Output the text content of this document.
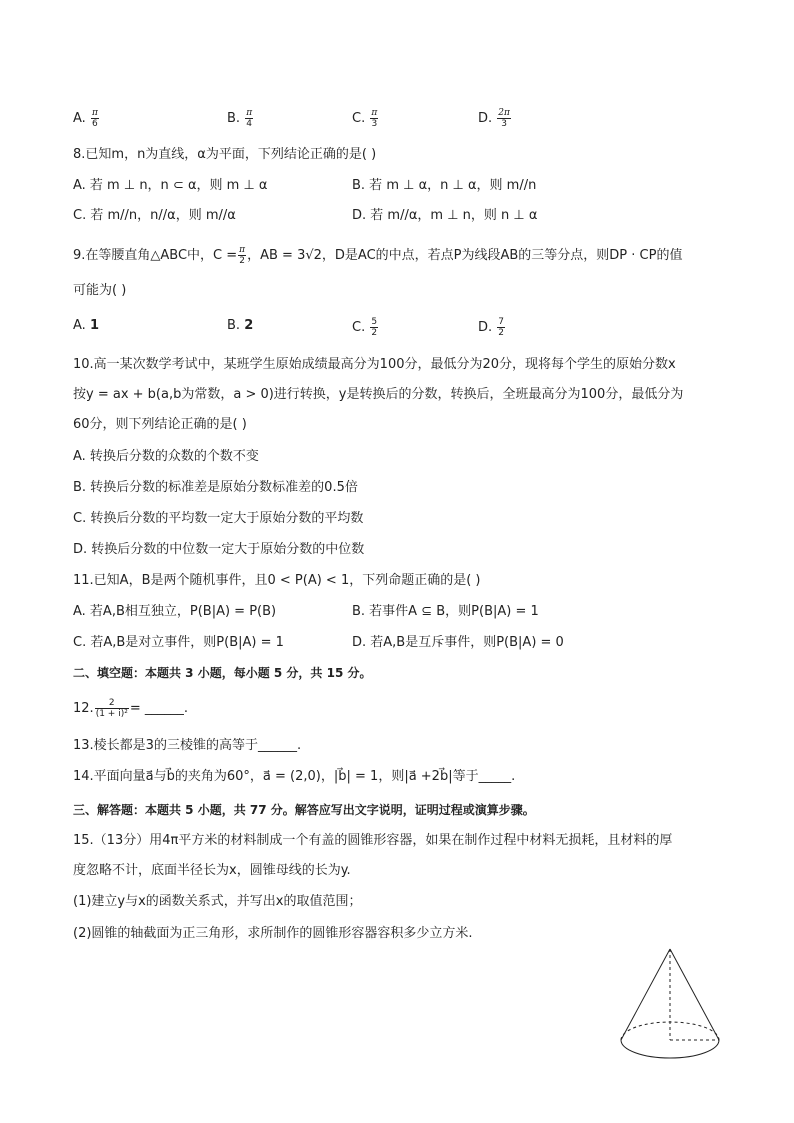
A. $\frac{\pi}{6}$	B. $\frac{\pi}{4}$	C. $\frac{\pi}{3}$	D. $\frac{2\pi}{3}$
8.已知m，n为直线，α为平面，下列结论正确的是( )
A. 若 m ⊥ n，n ⊂ α，则 m ⊥ α	B. 若 m ⊥ α，n ⊥ α，则 m//n
C. 若 m//n，n//α，则 m//α	D. 若 m//α，m ⊥ n，则 n ⊥ α
9.在等腰直角△ABC中，$C = \frac{\pi}{2}$ ，AB = 3√2，D是AC的中点，若点P为线段AB的三等分点，则DP · CP的值
可能为( )
A. 1	B. 2	C. $\frac{5}{2}$	D. $\frac{7}{2}$
10.高一某次数学考试中，某班学生原始成绩最高分为100分，最低分为20分，现将每个学生的原始分数x
按y = ax + b(a,b为常数，a > 0)进行转换，y是转换后的分数，转换后，全班最高分为100分，最低分为
60分，则下列结论正确的是( )
A. 转换后分数的众数的个数不变
B. 转换后分数的标准差是原始分数标准差的0.5倍
C. 转换后分数的平均数一定大于原始分数的平均数
D. 转换后分数的中位数一定大于原始分数的中位数
11.已知A，B是两个随机事件，且0 < P(A) < 1，下列命题正确的是( )
A. 若A,B相互独立，P(B|A) = P(B)	B. 若事件A ⊆ B，则P(B|A) = 1
C. 若A,B是对立事件，则P(B|A) = 1	D. 若A,B是互斥事件，则P(B|A) = 0
二、填空题：本题共 3 小题，每小题 5 分，共 15 分。
12. $\frac{2}{\text{(1 + i)²}}$ = ______.
13.棱长都是3的三棱锥的高等于______.
14.平面向量a⃗与b⃗的夹角为60°，a⃗ = (2,0)，|b⃗| = 1，则|a⃗ +2b⃗|等于_____.
三、解答题：本题共 5 小题，共 77 分。解答应写出文字说明，证明过程或演算步骤。
15.（13分）用4π平方米的材料制成一个有盖的圆锥形容器，如果在制作过程中材料无损耗，且材料的厚
度忽略不计，底面半径长为x，圆锥母线的长为y.
(1)建立y与x的函数关系式，并写出x的取值范围；
(2)圆锥的轴截面为正三角形，求所制作的圆锥形容器容积多少立方米.
